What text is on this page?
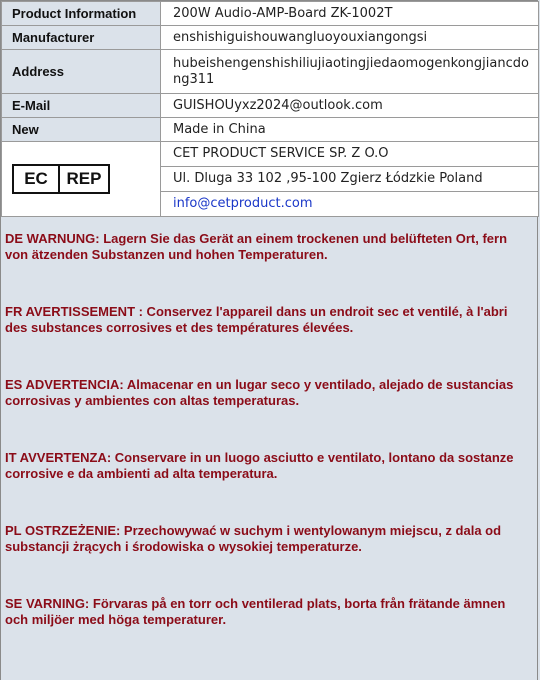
Product Information	200W Audio-AMP-Board ZK-1002T
Manufacturer	enshishiguishouwangluoyouxiangongsi
Address	hubeishengenshishiliujiaotingjiedaomogenkongjiancdong311
E-Mail	GUISHOUyxz2024@outlook.com
New	Made in China

EC REP	CET PRODUCT SERVICE SP. Z O.O
	Ul. Dluga 33 102 ,95-100 Zgierz Łódzkie Poland
	info@cetproduct.com
DE WARNUNG: Lagern Sie das Gerät an einem trockenen und belüfteten Ort, fern von ätzenden Substanzen und hohen Temperaturen.
FR AVERTISSEMENT : Conservez l'appareil dans un endroit sec et ventilé, à l'abri des substances corrosives et des températures élevées.
ES ADVERTENCIA: Almacenar en un lugar seco y ventilado, alejado de sustancias corrosivas y ambientes con altas temperaturas.
IT AVVERTENZA: Conservare in un luogo asciutto e ventilato, lontano da sostanze corrosive e da ambienti ad alta temperatura.
PL OSTRZEŻENIE: Przechowywać w suchym i wentylowanym miejscu, z dala od substancji żrących i środowiska o wysokiej temperaturze.
SE VARNING: Förvaras på en torr och ventilerad plats, borta från frätande ämnen och miljöer med höga temperaturer.
